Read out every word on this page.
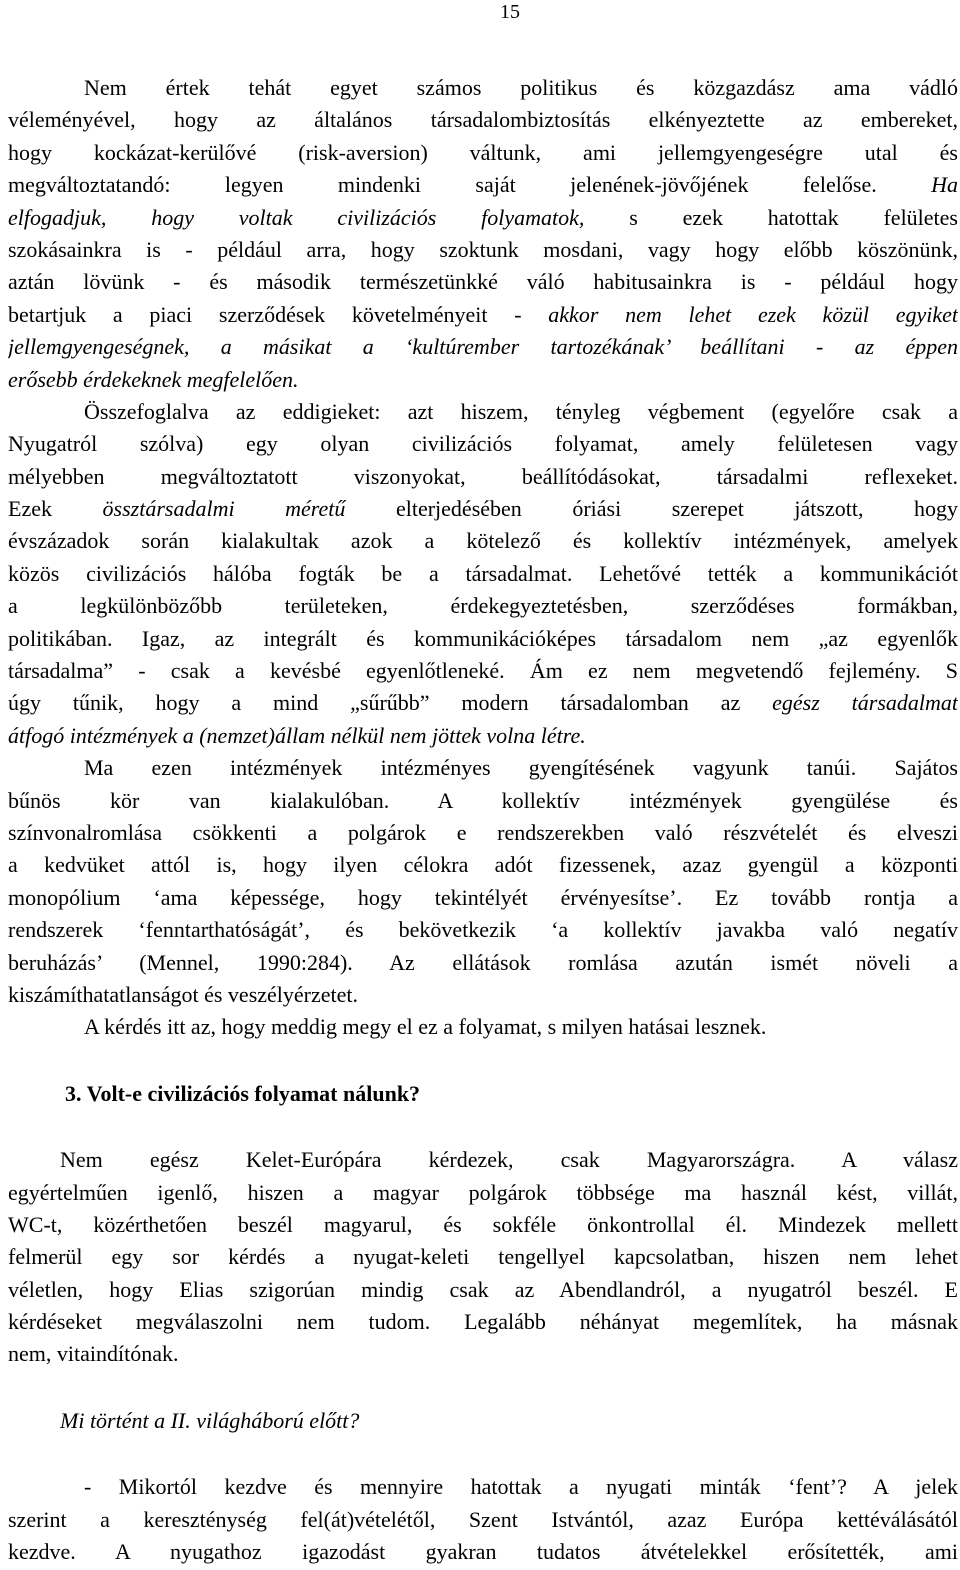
15
Nem értek tehát egyet számos politikus és közgazdász ama vádló
véleményével, hogy az általános társadalombiztosítás elkényeztette az embereket,
hogy kockázat-kerülővé (risk-aversion) váltunk, ami jellemgyengeségre utal és
megváltoztatandó: legyen mindenki saját jelenének-jövőjének felelőse. Ha
elfogadjuk, hogy voltak civilizációs folyamatok, s ezek hatottak felületes
szokásainkra is - például arra, hogy szoktunk mosdani, vagy hogy előbb köszönünk,
aztán lövünk - és második természetünkké váló habitusainkra is - például hogy
betartjuk a piaci szerződések követelményeit - akkor nem lehet ezek közül egyiket
jellemgyengeségnek, a másikat a ‘kultúrember tartozékának’ beállítani - az éppen
erősebb érdekeknek megfelelően.
Összefoglalva az eddigieket: azt hiszem, tényleg végbement (egyelőre csak a
Nyugatról szólva) egy olyan civilizációs folyamat, amely felületesen vagy
mélyebben megváltoztatott viszonyokat, beállítódásokat, társadalmi reflexeket.
Ezek össztársadalmi méretű elterjedésében óriási szerepet játszott, hogy
évszázadok során kialakultak azok a kötelező és kollektív intézmények, amelyek
közös civilizációs hálóba fogták be a társadalmat. Lehetővé tették a kommunikációt
a legkülönbözőbb területeken, érdekegyeztetésben, szerződéses formákban,
politikában. Igaz, az integrált és kommunikációképes társadalom nem „az egyenlők
társadalma” - csak a kevésbé egyenlőtleneké. Ám ez nem megvetendő fejlemény. S
úgy tűnik, hogy a mind „sűrűbb” modern társadalomban az egész társadalmat
átfogó intézmények a (nemzet)állam nélkül nem jöttek volna létre.
Ma ezen intézmények intézményes gyengítésének vagyunk tanúi. Sajátos
bűnös kör van kialakulóban. A kollektív intézmények gyengülése és
színvonalromlása csökkenti a polgárok e rendszerekben való részvételét és elveszi
a kedvüket attól is, hogy ilyen célokra adót fizessenek, azaz gyengül a központi
monopólium ‘ama képessége, hogy tekintélyét érvényesítse’. Ez tovább rontja a
rendszerek ‘fenntarthatóságát’, és bekövetkezik ‘a kollektív javakba való negatív
beruházás’ (Mennel, 1990:284). Az ellátások romlása azután ismét növeli a
kiszámíthatatlanságot és veszélyérzetet.
A kérdés itt az, hogy meddig megy el ez a folyamat, s milyen hatásai lesznek.
3. Volt-e civilizációs folyamat nálunk?
Nem egész Kelet-Európára kérdezek, csak Magyarországra. A válasz
egyértelműen igenlő, hiszen a magyar polgárok többsége ma használ kést, villát,
WC-t, közérthetően beszél magyarul, és sokféle önkontrollal él. Mindezek mellett
felmerül egy sor kérdés a nyugat-keleti tengellyel kapcsolatban, hiszen nem lehet
véletlen, hogy Elias szigorúan mindig csak az Abendlandról, a nyugatról beszél. E
kérdéseket megválaszolni nem tudom. Legalább néhányat megemlítek, ha másnak
nem, vitaindítónak.
Mi történt a II. világháború előtt?
- Mikortól kezdve és mennyire hatottak a nyugati minták ‘fent’? A jelek
szerint a kereszténység fel(át)vételétől, Szent Istvántól, azaz Európa kettéválásától
kezdve. A nyugathoz igazodást gyakran tudatos átvételekkel erősítették, ami
